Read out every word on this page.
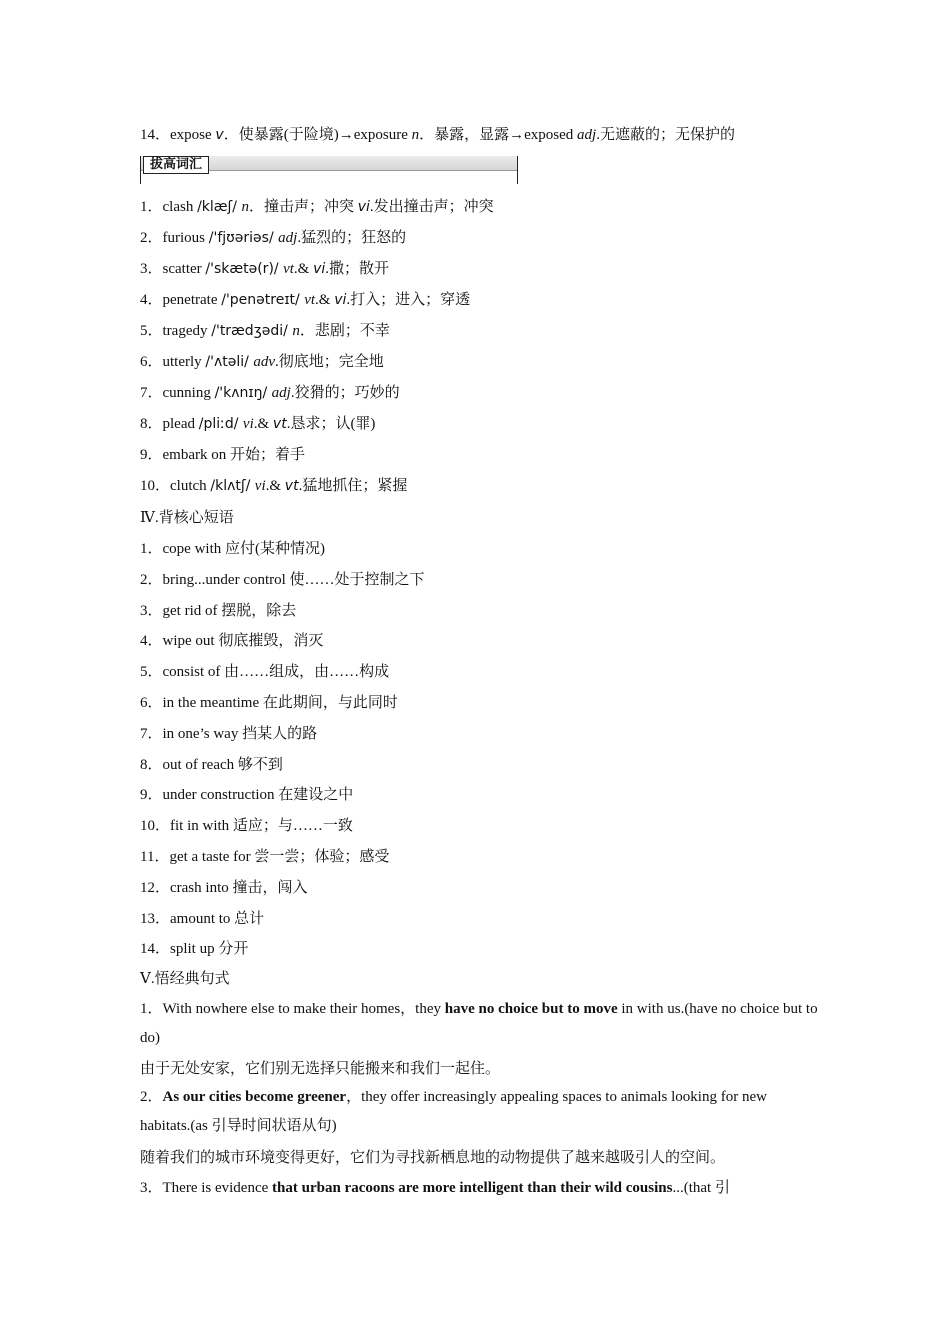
14．expose v．使暴露(于险境)→exposure n．暴露，显露→exposed adj.无遮蔽的；无保护的
拔高词汇
1．clash /klæʃ/ n．撞击声；冲突 vi.发出撞击声；冲突
2．furious /'fjʊəriəs/ adj.猛烈的；狂怒的
3．scatter /'skætə(r)/ vt.& vi.撒；散开
4．penetrate /'penətreɪt/ vt.& vi.打入；进入；穿透
5．tragedy /'trædʒədi/ n．悲剧；不幸
6．utterly /'ʌtəli/ adv.彻底地；完全地
7．cunning /'kʌnɪŋ/ adj.狡猾的；巧妙的
8．plead /pliːd/ vi.& vt.恳求；认(罪)
9．embark on 开始；着手
10．clutch /klʌtʃ/ vi.& vt.猛地抓住；紧握
Ⅳ.背核心短语
1．cope with 应付(某种情况)
2．bring...under control 使……处于控制之下
3．get rid of 摆脱，除去
4．wipe out 彻底摧毁，消灭
5．consist of 由……组成，由……构成
6．in the meantime 在此期间，与此同时
7．in one’s way 挡某人的路
8．out of reach 够不到
9．under construction 在建设之中
10．fit in with 适应；与……一致
11．get a taste for 尝一尝；体验；感受
12．crash into 撞击，闯入
13．amount to 总计
14．split up 分开
Ⅴ.悟经典句式
1．With nowhere else to make their homes，they have no choice but to move in with us.(have no choice but to do)
由于无处安家，它们别无选择只能搬来和我们一起住。
2．As our cities become greener，they offer increasingly appealing spaces to animals looking for new habitats.(as 引导时间状语从句)
随着我们的城市环境变得更好，它们为寻找新栖息地的动物提供了越来越吸引人的空间。
3．There is evidence that urban racoons are more intelligent than their wild cousins...(that 引
